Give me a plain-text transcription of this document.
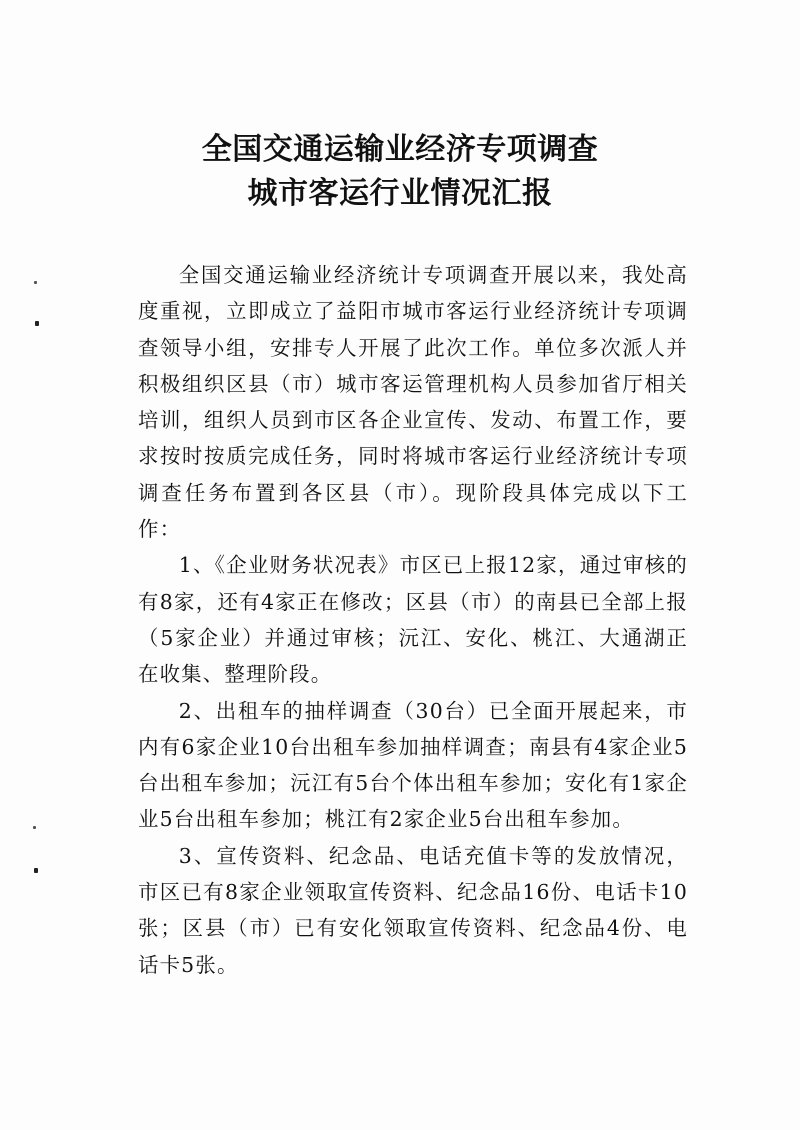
全国交通运输业经济专项调查
城市客运行业情况汇报

全国交通运输业经济统计专项调查开展以来，我处高度重视，立即成立了益阳市城市客运行业经济统计专项调查领导小组，安排专人开展了此次工作。单位多次派人并积极组织区县（市）城市客运管理机构人员参加省厅相关培训，组织人员到市区各企业宣传、发动、布置工作，要求按时按质完成任务，同时将城市客运行业经济统计专项调查任务布置到各区县（市）。现阶段具体完成以下工作：

1、《企业财务状况表》市区已上报12家，通过审核的有8家，还有4家正在修改；区县（市）的南县已全部上报（5家企业）并通过审核；沅江、安化、桃江、大通湖正在收集、整理阶段。

2、出租车的抽样调查（30台）已全面开展起来，市内有6家企业10台出租车参加抽样调查；南县有4家企业5台出租车参加；沅江有5台个体出租车参加；安化有1家企业5台出租车参加；桃江有2家企业5台出租车参加。

3、宣传资料、纪念品、电话充值卡等的发放情况，市区已有8家企业领取宣传资料、纪念品16份、电话卡10张；区县（市）已有安化领取宣传资料、纪念品4份、电话卡5张。
